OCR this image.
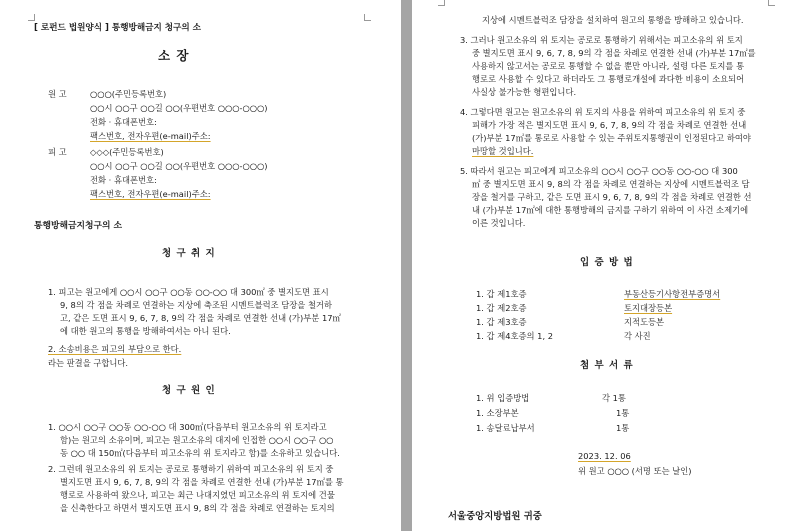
[ 로펀드 법원양식 ] 통행방해금지 청구의 소
소 장
원 고	○○○(주민등록번호)
○○시 ○○구 ○○길 ○○(우편번호 ○○○-○○○)
전화 · 휴대폰번호:
팩스번호, 전자우편(e-mail)주소:
피 고	◇◇◇(주민등록번호)
○○시 ○○구 ○○길 ○○(우편번호 ○○○-○○○)
전화 · 휴대폰번호:
팩스번호, 전자우편(e-mail)주소:
통행방해금지청구의 소
청 구 취 지
1. 피고는 원고에게 ○○시 ○○구 ○○동 ○○-○○ 대 300㎡ 중 별지도면 표시
9, 8의 각 점을 차례로 연결하는 지상에 축조된 시멘트블럭조 담장을 철거하
고, 같은 도면 표시 9, 6, 7, 8, 9의 각 점을 차례로 연결한 선내 (가)부분 17㎡
에 대한 원고의 통행을 방해하여서는 아니 된다.
2. 소송비용은 피고의 부담으로 한다.
라는 판결을 구합니다.
청 구 원 인
1. ○○시 ○○구 ○○동 ○○-○○ 대 300㎡(다음부터 원고소유의 위 토지라고
함)는 원고의 소유이며, 피고는 원고소유의 대지에 인접한 ○○시 ○○구 ○○
동 ○○ 대 150㎡(다음부터 피고소유의 위 토지라고 함)를 소유하고 있습니다.
2. 그런데 원고소유의 위 토지는 공로로 통행하기 위하여 피고소유의 위 토지 중
별지도면 표시 9, 6, 7, 8, 9의 각 점을 차례로 연결한 선내 (가)부분 17㎡를 통
행로로 사용하여 왔으나, 피고는 최근 나대지였던 피고소유의 위 토지에 건물
을 신축한다고 하면서 별지도면 표시 9, 8의 각 점을 차례로 연결하는 토지의
지상에 시멘트블럭조 담장을 설치하여 원고의 통행을 방해하고 있습니다.
3. 그러나 원고소유의 위 토지는 공로로 통행하기 위해서는 피고소유의 위 토지
중 별지도면 표시 9, 6, 7, 8, 9의 각 점을 차례로 연결한 선내 (가)부분 17㎡를
사용하지 않고서는 공로로 통행할 수 없을 뿐만 아니라, 설령 다른 토지를 통
행로로 사용할 수 있다고 하더라도 그 통행로개설에 과다한 비용이 소요되어
사실상 불가능한 형편입니다.
4. 그렇다면 원고는 원고소유의 위 토지의 사용을 위하여 피고소유의 위 토지 중
피해가 가장 적은 별지도면 표시 9, 6, 7, 8, 9의 각 점을 차례로 연결한 선내
(가)부분 17㎡를 통로로 사용할 수 있는 주위토지통행권이 인정된다고 하여야
마땅할 것입니다.
5. 따라서 원고는 피고에게 피고소유의 ○○시 ○○구 ○○동 ○○-○○ 대 300
㎡ 중 별지도면 표시 9, 8의 각 점을 차례로 연결하는 지상에 시멘트블럭조 담
장을 철거를 구하고, 같은 도면 표시 9, 6, 7, 8, 9의 각 점을 차례로 연결한 선
내 (가)부분 17㎡에 대한 통행방해의 금지를 구하기 위하여 이 사건 소제기에
이른 것입니다.
입 증 방 법
1. 갑 제1호증	부동산등기사항전부증명서
1. 갑 제2호증	토지대장등본
1. 갑 제3호증	지적도등본
1. 갑 제4호증의 1, 2	각 사진
첨 부 서 류
1. 위 입증방법	각 1통
1. 소장부본	1통
1. 송달료납부서	1통
2023. 12. 06
위 원고 ○○○ (서명 또는 날인)
서울중앙지방법원 귀중
